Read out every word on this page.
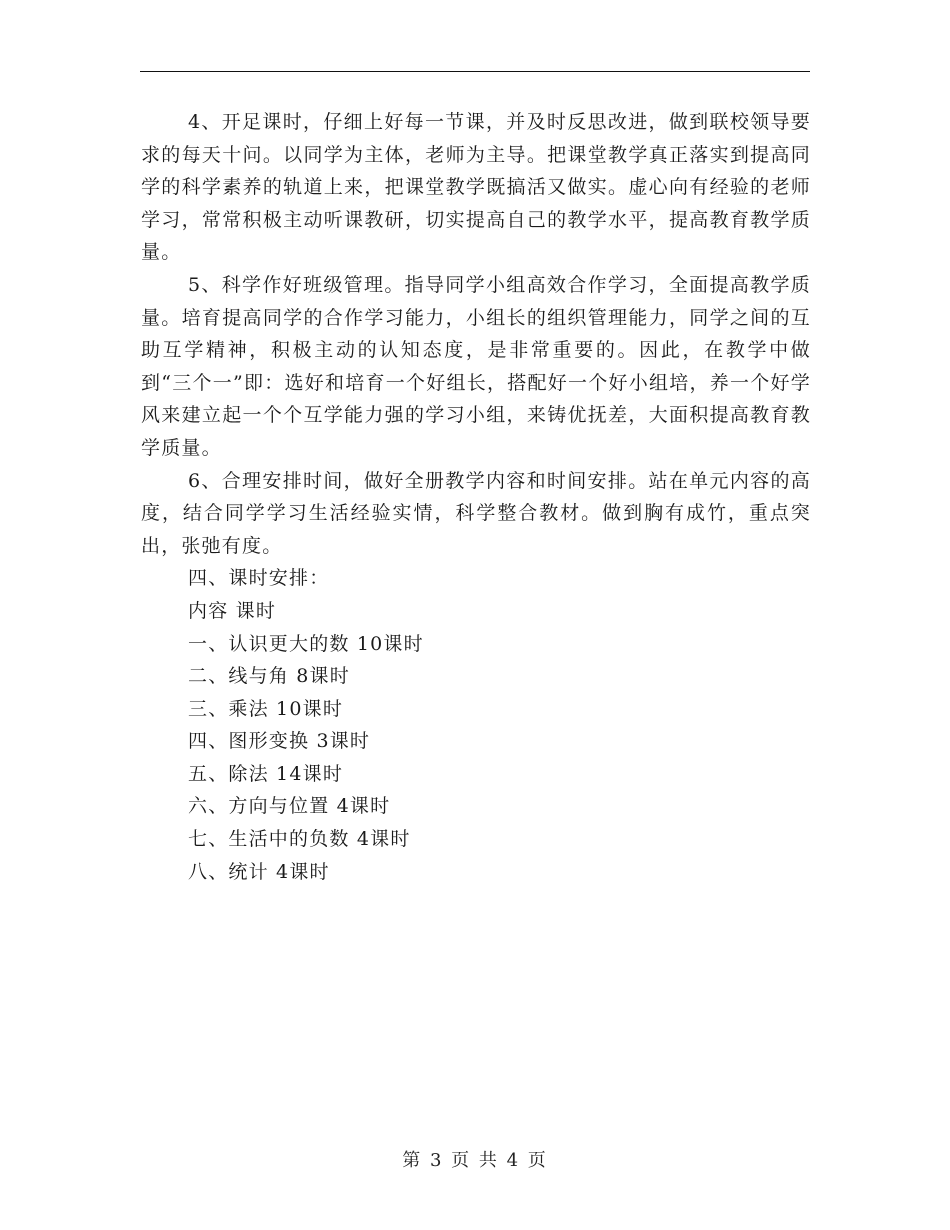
4、开足课时，仔细上好每一节课，并及时反思改进，做到联校领导要求的每天十问。以同学为主体，老师为主导。把课堂教学真正落实到提高同学的科学素养的轨道上来，把课堂教学既搞活又做实。虚心向有经验的老师学习，常常积极主动听课教研，切实提高自己的教学水平，提高教育教学质量。

5、科学作好班级管理。指导同学小组高效合作学习，全面提高教学质量。培育提高同学的合作学习能力，小组长的组织管理能力，同学之间的互助互学精神，积极主动的认知态度，是非常重要的。因此，在教学中做到“三个一”即：选好和培育一个好组长，搭配好一个好小组培，养一个好学风来建立起一个个互学能力强的学习小组，来铸优抚差，大面积提高教育教学质量。

6、合理安排时间，做好全册教学内容和时间安排。站在单元内容的高度，结合同学学习生活经验实情，科学整合教材。做到胸有成竹，重点突出，张弛有度。

四、课时安排：

内容 课时

一、认识更大的数 10课时

二、线与角 8课时

三、乘法 10课时

四、图形变换 3课时

五、除法 14课时

六、方向与位置 4课时

七、生活中的负数 4课时

八、统计 4课时

第 3 页 共 4 页
